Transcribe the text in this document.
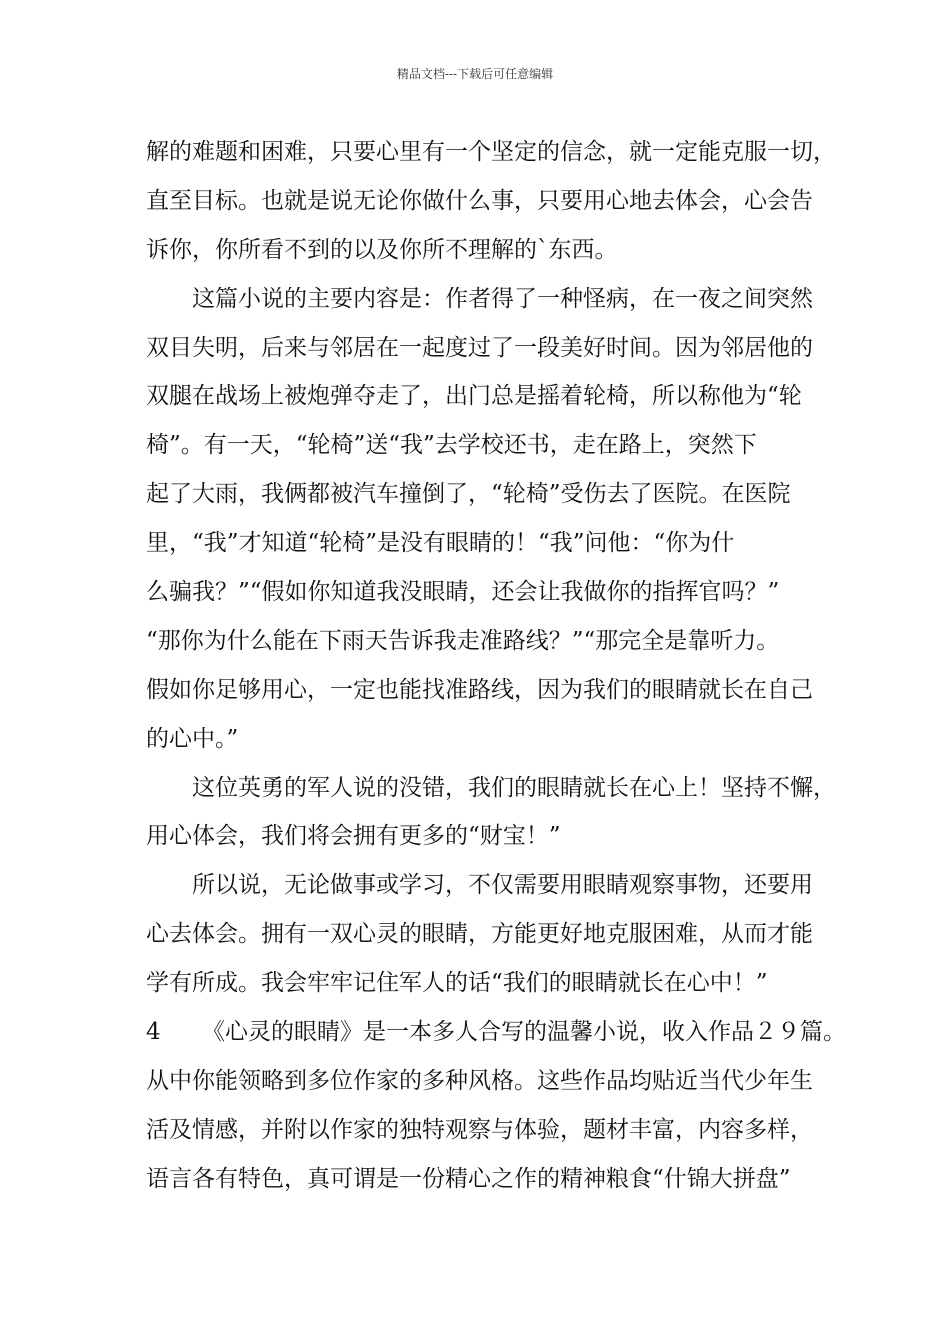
精品文档---下载后可任意编辑
解的难题和困难，只要心里有一个坚定的信念，就一定能克服一切，
直至目标。也就是说无论你做什么事，只要用心地去体会，心会告
诉你，你所看不到的以及你所不理解的`东西。
这篇小说的主要内容是：作者得了一种怪病，在一夜之间突然
双目失明，后来与邻居在一起度过了一段美好时间。因为邻居他的
双腿在战场上被炮弹夺走了，出门总是摇着轮椅，所以称他为“轮
椅”。有一天，“轮椅”送“我”去学校还书，走在路上，突然下
起了大雨，我俩都被汽车撞倒了，“轮椅”受伤去了医院。在医院
里，“我”才知道“轮椅”是没有眼睛的！“我”问他：“你为什
么骗我？”“假如你知道我没眼睛，还会让我做你的指挥官吗？”
“那你为什么能在下雨天告诉我走准路线？”“那完全是靠听力。
假如你足够用心，一定也能找准路线，因为我们的眼睛就长在自己
的心中。”
这位英勇的军人说的没错，我们的眼睛就长在心上！坚持不懈，
用心体会，我们将会拥有更多的“财宝！”
所以说，无论做事或学习，不仅需要用眼睛观察事物，还要用
心去体会。拥有一双心灵的眼睛，方能更好地克服困难，从而才能
学有所成。我会牢牢记住军人的话“我们的眼睛就长在心中！”
4 《心灵的眼睛》是一本多人合写的温馨小说，收入作品２９篇。
从中你能领略到多位作家的多种风格。这些作品均贴近当代少年生
活及情感，并附以作家的独特观察与体验，题材丰富，内容多样，
语言各有特色，真可谓是一份精心之作的精神粮食“什锦大拼盘”
